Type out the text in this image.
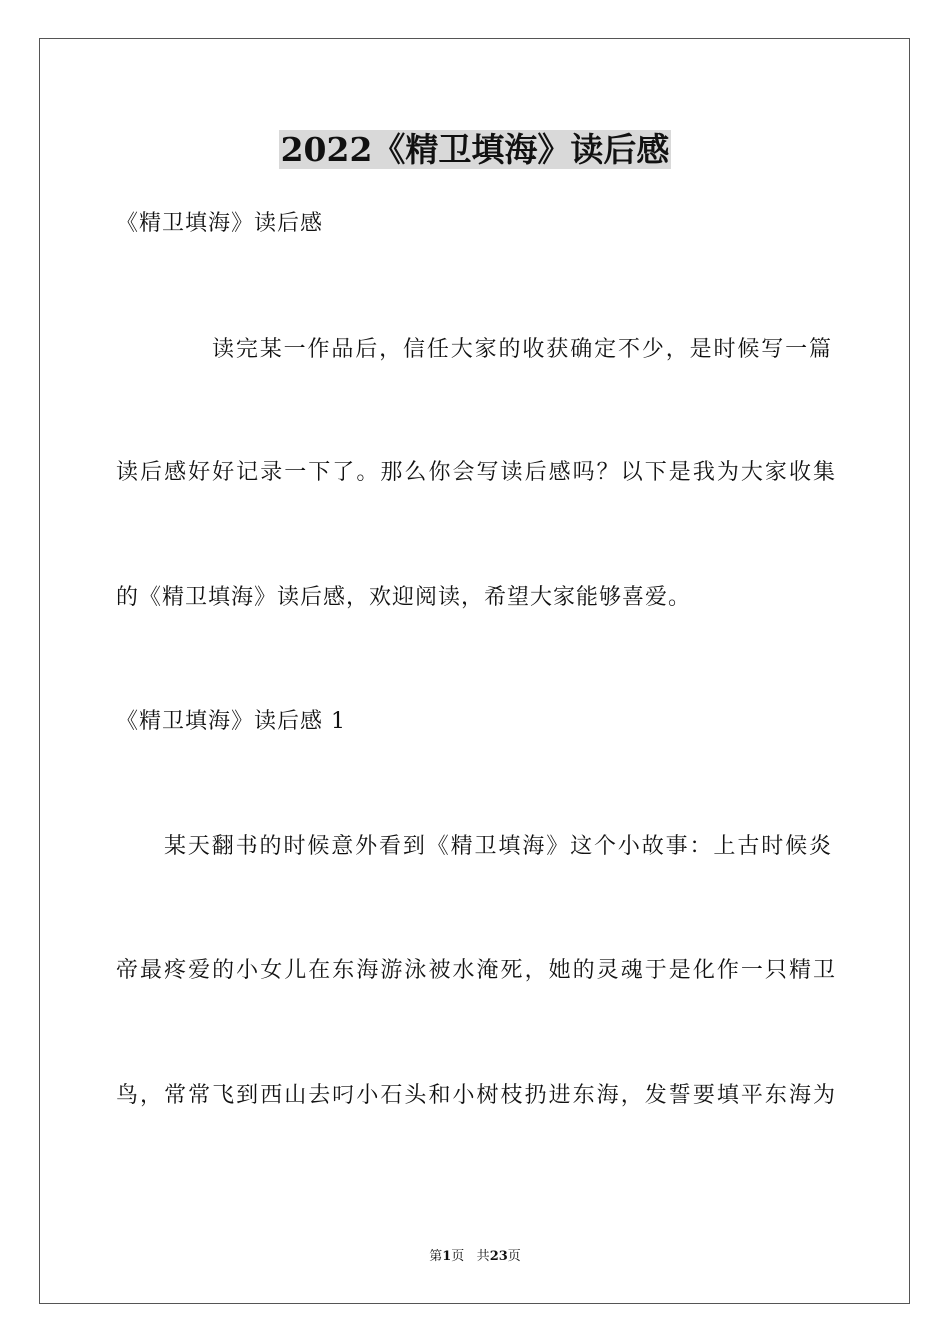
2022《精卫填海》读后感
《精卫填海》读后感
读完某一作品后，信任大家的收获确定不少，是时候写一篇
读后感好好记录一下了。那么你会写读后感吗？以下是我为大家收集
的《精卫填海》读后感，欢迎阅读，希望大家能够喜爱。
《精卫填海》读后感 1
某天翻书的时候意外看到《精卫填海》这个小故事：上古时候炎
帝最疼爱的小女儿在东海游泳被水淹死，她的灵魂于是化作一只精卫
鸟，常常飞到西山去叼小石头和小树枝扔进东海，发誓要填平东海为
第1页 共23页
